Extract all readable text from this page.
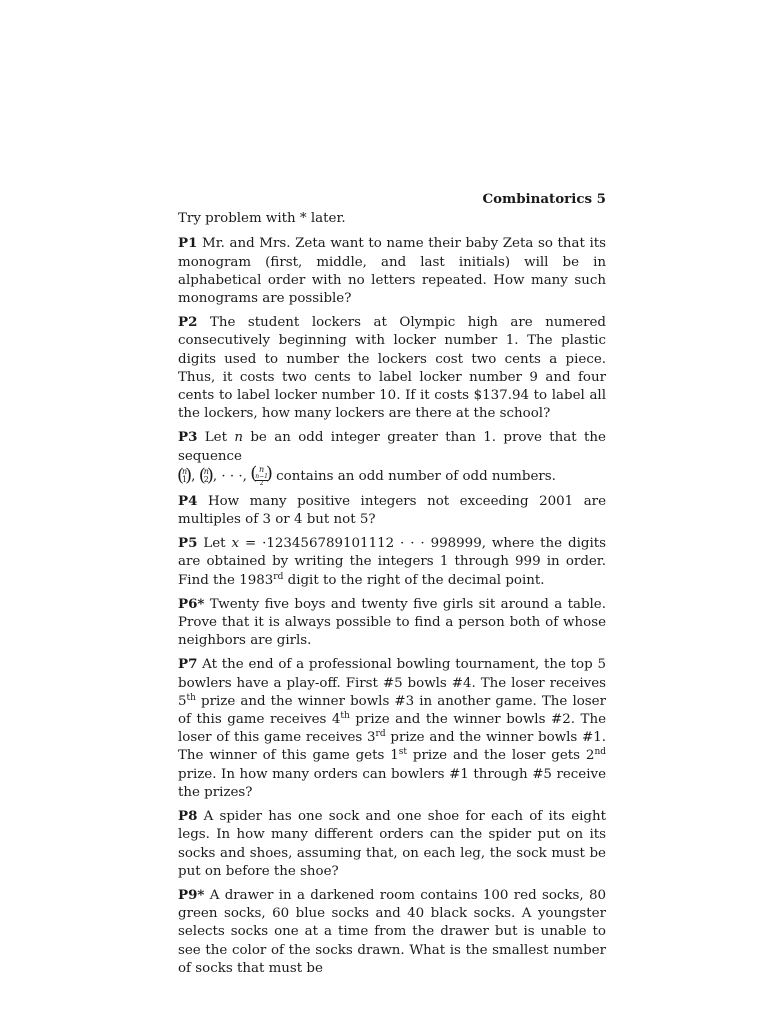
Combinatorics 5
Try problem with * later.
P1 Mr. and Mrs. Zeta want to name their baby Zeta so that its monogram (first, middle, and last initials) will be in alphabetical order with no letters repeated. How many such monograms are possible?
P2 The student lockers at Olympic high are numered consecutively beginning with locker number 1. The plastic digits used to number the lockers cost two cents a piece. Thus, it costs two cents to label locker number 9 and four cents to label locker number 10. If it costs $137.94 to label all the lockers, how many lockers are there at the school?
P3 Let n be an odd integer greater than 1. prove that the sequence

( n
1
) , ( n
2
) , · · ·,	( n
$\frac{n-1}{2}$
) contains an odd number of odd numbers.
P4 How many positive integers not exceeding 2001 are multiples of 3 or 4 but not 5?
P5 Let x = ·123456789101112 · · · 998999, where the digits are obtained by writing the integers 1 through 999 in order. Find the 1983rd digit to the right of the decimal point.
P6* Twenty five boys and twenty five girls sit around a table. Prove that it is always possible to find a person both of whose neighbors are girls.
P7 At the end of a professional bowling tournament, the top 5 bowlers have a play-off. First #5 bowls #4. The loser receives 5th prize and the winner bowls #3 in another game. The loser of this game receives 4th prize and the winner bowls #2. The loser of this game receives 3rd prize and the winner bowls #1. The winner of this game gets 1st prize and the loser gets 2nd prize. In how many orders can bowlers #1 through #5 receive the prizes?
P8 A spider has one sock and one shoe for each of its eight legs. In how many different orders can the spider put on its socks and shoes, assuming that, on each leg, the sock must be put on before the shoe?
P9* A drawer in a darkened room contains 100 red socks, 80 green socks, 60 blue socks and 40 black socks. A youngster selects socks one at a time from the drawer but is unable to see the color of the socks drawn. What is the smallest number of socks that must be
